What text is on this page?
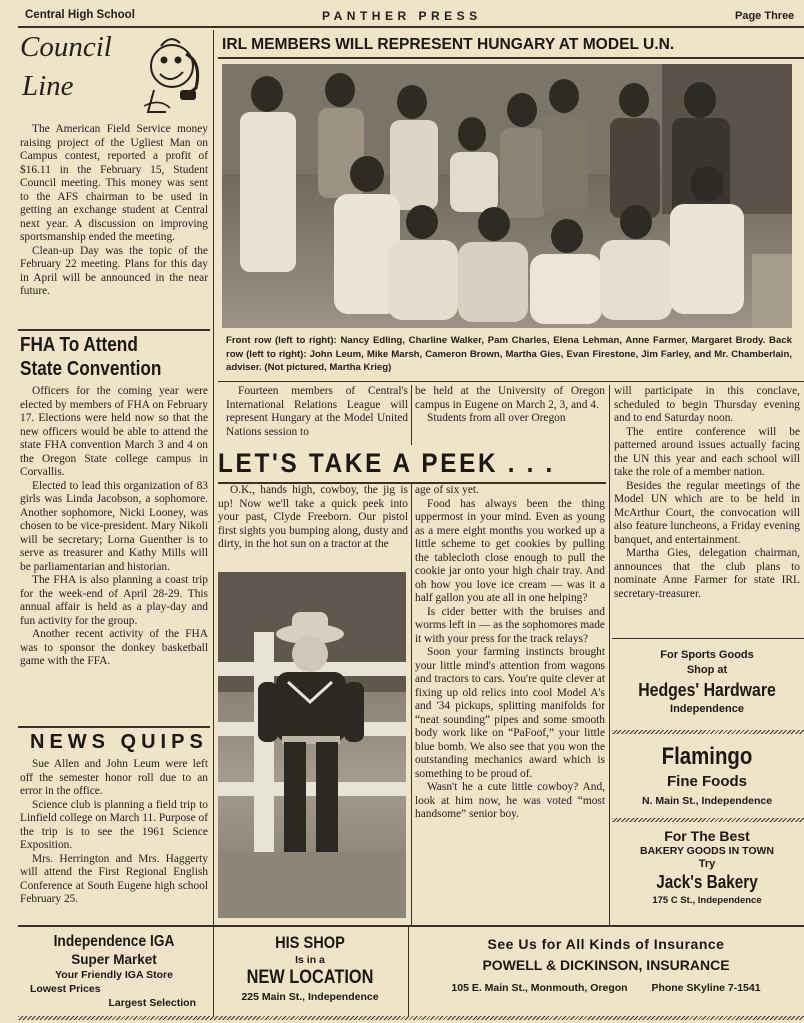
Central High School	PANTHER PRESS	Page Three
Council
Line

The American Field Service money raising project of the Ugliest Man on Campus contest, reported a profit of $16.11 in the February 15, Student Council meeting. This money was sent to the AFS chairman to be used in getting an exchange student at Central next year. A discussion on improving sportsmanship ended the meeting.

Clean-up Day was the topic of the February 22 meeting. Plans for this day in April will be announced in the near future.

FHA To Attend
State Convention

Officers for the coming year were elected by members of FHA on February 17. Elections were held now so that the new officers would be able to attend the state FHA convention March 3 and 4 on the Oregon State college campus in Corvallis.

Elected to lead this organization of 83 girls was Linda Jacobson, a sophomore. Another sophomore, Nicki Looney, was chosen to be vice-president. Mary Nikoli will be secretary; Lorna Guenther is to serve as treasurer and Kathy Mills will be parliamentarian and historian.

The FHA is also planning a coast trip for the week-end of April 28-29. This annual affair is held as a play-day and fun activity for the group.

Another recent activity of the FHA was to sponsor the donkey basketball game with the FFA.

NEWS QUIPS

Sue Allen and John Leum were left off the semester honor roll due to an error in the office.

Science club is planning a field trip to Linfield college on March 11. Purpose of the trip is to see the 1961 Science Exposition.

Mrs. Herrington and Mrs. Haggerty will attend the First Regional English Conference at South Eugene high school February 25.

IRL MEMBERS WILL REPRESENT HUNGARY AT MODEL U.N.
Front row (left to right): Nancy Edling, Charline Walker, Pam Charles, Elena Lehman, Anne Farmer, Margaret Brody. Back row (left to right): John Leum, Mike Marsh, Cameron Brown, Martha Gies, Evan Firestone, Jim Farley, and Mr. Chamberlain, adviser. (Not pictured, Martha Krieg)

Fourteen members of Central's International Relations League will represent Hungary at the Model United Nations session to

be held at the University of Oregon campus in Eugene on March 2, 3, and 4.

Students from all over Oregon

will participate in this conclave, scheduled to begin Thursday evening and to end Saturday noon.

The entire conference will be patterned around issues actually facing the UN this year and each school will take the role of a member nation.

Besides the regular meetings of the Model UN which are to be held in McArthur Court, the convocation will also feature luncheons, a Friday evening banquet, and entertainment.

Martha Gies, delegation chairman, announces that the club plans to nominate Anne Farmer for state IRL secretary-treasurer.

LET'S TAKE A PEEK . . .

O.K., hands high, cowboy, the jig is up! Now we'll take a quick peek into your past, Clyde Freeborn. Our pistol first sights you bumping along, dusty and dirty, in the hot sun on a tractor at the

age of six yet.

Food has always been the thing uppermost in your mind. Even as young as a mere eight months you worked up a little scheme to get cookies by pulling the tablecloth close enough to pull the cookie jar onto your high chair tray. And oh how you love ice cream — was it a half gallon you ate all in one helping?

Is cider better with the bruises and worms left in — as the sophomores made it with your press for the track relays?

Soon your farming instincts brought your little mind's attention from wagons and tractors to cars. You're quite clever at fixing up old relics into cool Model A's and '34 pickups, splitting manifolds for “neat sounding” pipes and some smooth body work like on “PaFoof,” your little blue bomb. We also see that you won the outstanding mechanics award which is something to be proud of.

Wasn't he a cute little cowboy? And, look at him now, he was voted “most handsome” senior boy.

For Sports Goods
Shop at
Hedges' Hardware
Independence
Flamingo
Fine Foods
N. Main St., Independence
For The Best
BAKERY GOODS IN TOWN
Try
Jack's Bakery
175 C St., Independence
Independence IGA
Super Market
Your Friendly IGA Store
Lowest Prices
Largest Selection
HIS SHOP
Is in a
NEW LOCATION
225 Main St., Independence
See Us for All Kinds of Insurance
POWELL & DICKINSON, INSURANCE
105 E. Main St., Monmouth, Oregon Phone SKyline 7-1541
